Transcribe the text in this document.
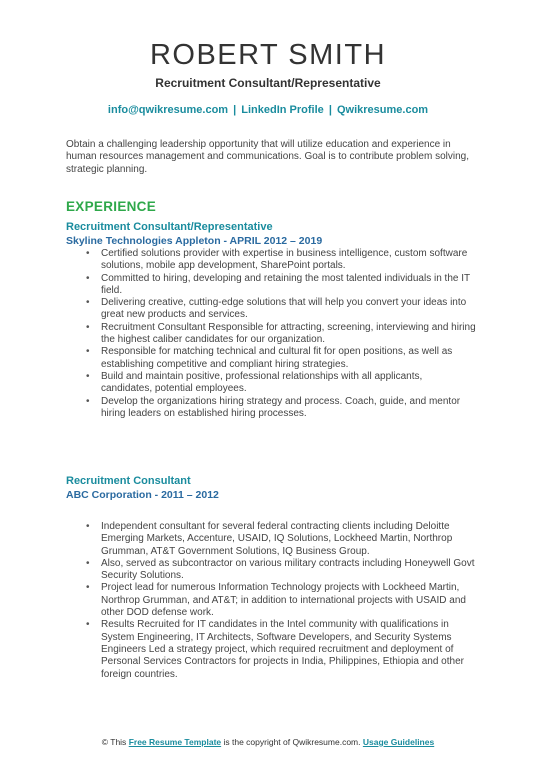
ROBERT SMITH
Recruitment Consultant/Representative
info@qwikresume.com | LinkedIn Profile | Qwikresume.com
Obtain a challenging leadership opportunity that will utilize education and experience in human resources management and communications. Goal is to contribute problem solving, strategic planning.
EXPERIENCE
Recruitment Consultant/Representative
Skyline Technologies Appleton - APRIL 2012 – 2019
• Certified solutions provider with expertise in business intelligence, custom software solutions, mobile app development, SharePoint portals.
• Committed to hiring, developing and retaining the most talented individuals in the IT field.
• Delivering creative, cutting-edge solutions that will help you convert your ideas into great new products and services.
• Recruitment Consultant Responsible for attracting, screening, interviewing and hiring the highest caliber candidates for our organization.
• Responsible for matching technical and cultural fit for open positions, as well as establishing competitive and compliant hiring strategies.
• Build and maintain positive, professional relationships with all applicants, candidates, potential employees.
• Develop the organizations hiring strategy and process. Coach, guide, and mentor hiring leaders on established hiring processes.
Recruitment Consultant
ABC Corporation - 2011 – 2012
• Independent consultant for several federal contracting clients including Deloitte Emerging Markets, Accenture, USAID, IQ Solutions, Lockheed Martin, Northrop Grumman, AT&T Government Solutions, IQ Business Group.
• Also, served as subcontractor on various military contracts including Honeywell Govt Security Solutions.
• Project lead for numerous Information Technology projects with Lockheed Martin, Northrop Grumman, and AT&T; in addition to international projects with USAID and other DOD defense work.
• Results Recruited for IT candidates in the Intel community with qualifications in System Engineering, IT Architects, Software Developers, and Security Systems Engineers Led a strategy project, which required recruitment and deployment of Personal Services Contractors for projects in India, Philippines, Ethiopia and other foreign countries.
© This Free Resume Template is the copyright of Qwikresume.com. Usage Guidelines
